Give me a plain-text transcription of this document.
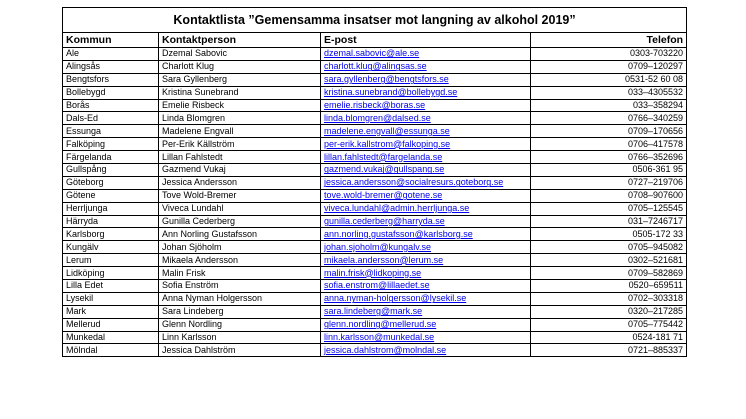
Kontaktlista ”Gemensamma insatser mot langning av alkohol 2019”			
Kommun	Kontaktperson	E-post	Telefon
Ale	Dzemal Sabovic	dzemal.sabovic@ale.se	0303-703220
Alingsås	Charlott Klug	charlott.klug@alingsas.se	0709–120297
Bengtsfors	Sara Gyllenberg	sara.gyllenberg@bengtsfors.se	0531-52 60 08
Bollebygd	Kristina Sunebrand	kristina.sunebrand@bollebygd.se	033–4305532
Borås	Emelie Risbeck	emelie.risbeck@boras.se	033–358294
Dals-Ed	Linda Blomgren	linda.blomgren@dalsed.se	0766–340259
Essunga	Madelene Engvall	madelene.engvall@essunga.se	0709–170656
Falköping	Per-Erik Källström	per-erik.kallstrom@falkoping.se	0706–417578
Färgelanda	Lillan Fahlstedt	lillan.fahlstedt@fargelanda.se	0766–352696
Gullspång	Gazmend Vukaj	gazmend.vukaj@gullspang.se	0506-361 95
Göteborg	Jessica Andersson	jessica.andersson@socialresurs.goteborg.se	0727–219706
Götene	Tove Wold-Bremer	tove.wold-bremer@gotene.se	0708–907600
Herrljunga	Viveca Lundahl	viveca.lundahl@admin.herrljunga.se	0705–125545
Härryda	Gunilla Cederberg	gunilla.cederberg@harryda.se	031–7246717
Karlsborg	Ann Norling Gustafsson	ann.norling.gustafsson@karlsborg.se	0505-172 33
Kungälv	Johan Sjöholm	johan.sjoholm@kungalv.se	0705–945082
Lerum	Mikaela Andersson	mikaela.andersson@lerum.se	0302–521681
Lidköping	Malin Frisk	malin.frisk@lidkoping.se	0709–582869
Lilla Edet	Sofia Enström	sofia.enstrom@lillaedet.se	0520–659511
Lysekil	Anna Nyman Holgersson	anna.nyman-holgersson@lysekil.se	0702–303318
Mark	Sara Lindeberg	sara.lindeberg@mark.se	0320–217285
Mellerud	Glenn Nordling	glenn.nordling@mellerud.se	0705–775442
Munkedal	Linn Karlsson	linn.karlsson@munkedal.se	0524-181 71
Mölndal	Jessica Dahlström	jessica.dahlstrom@molndal.se	0721–885337
